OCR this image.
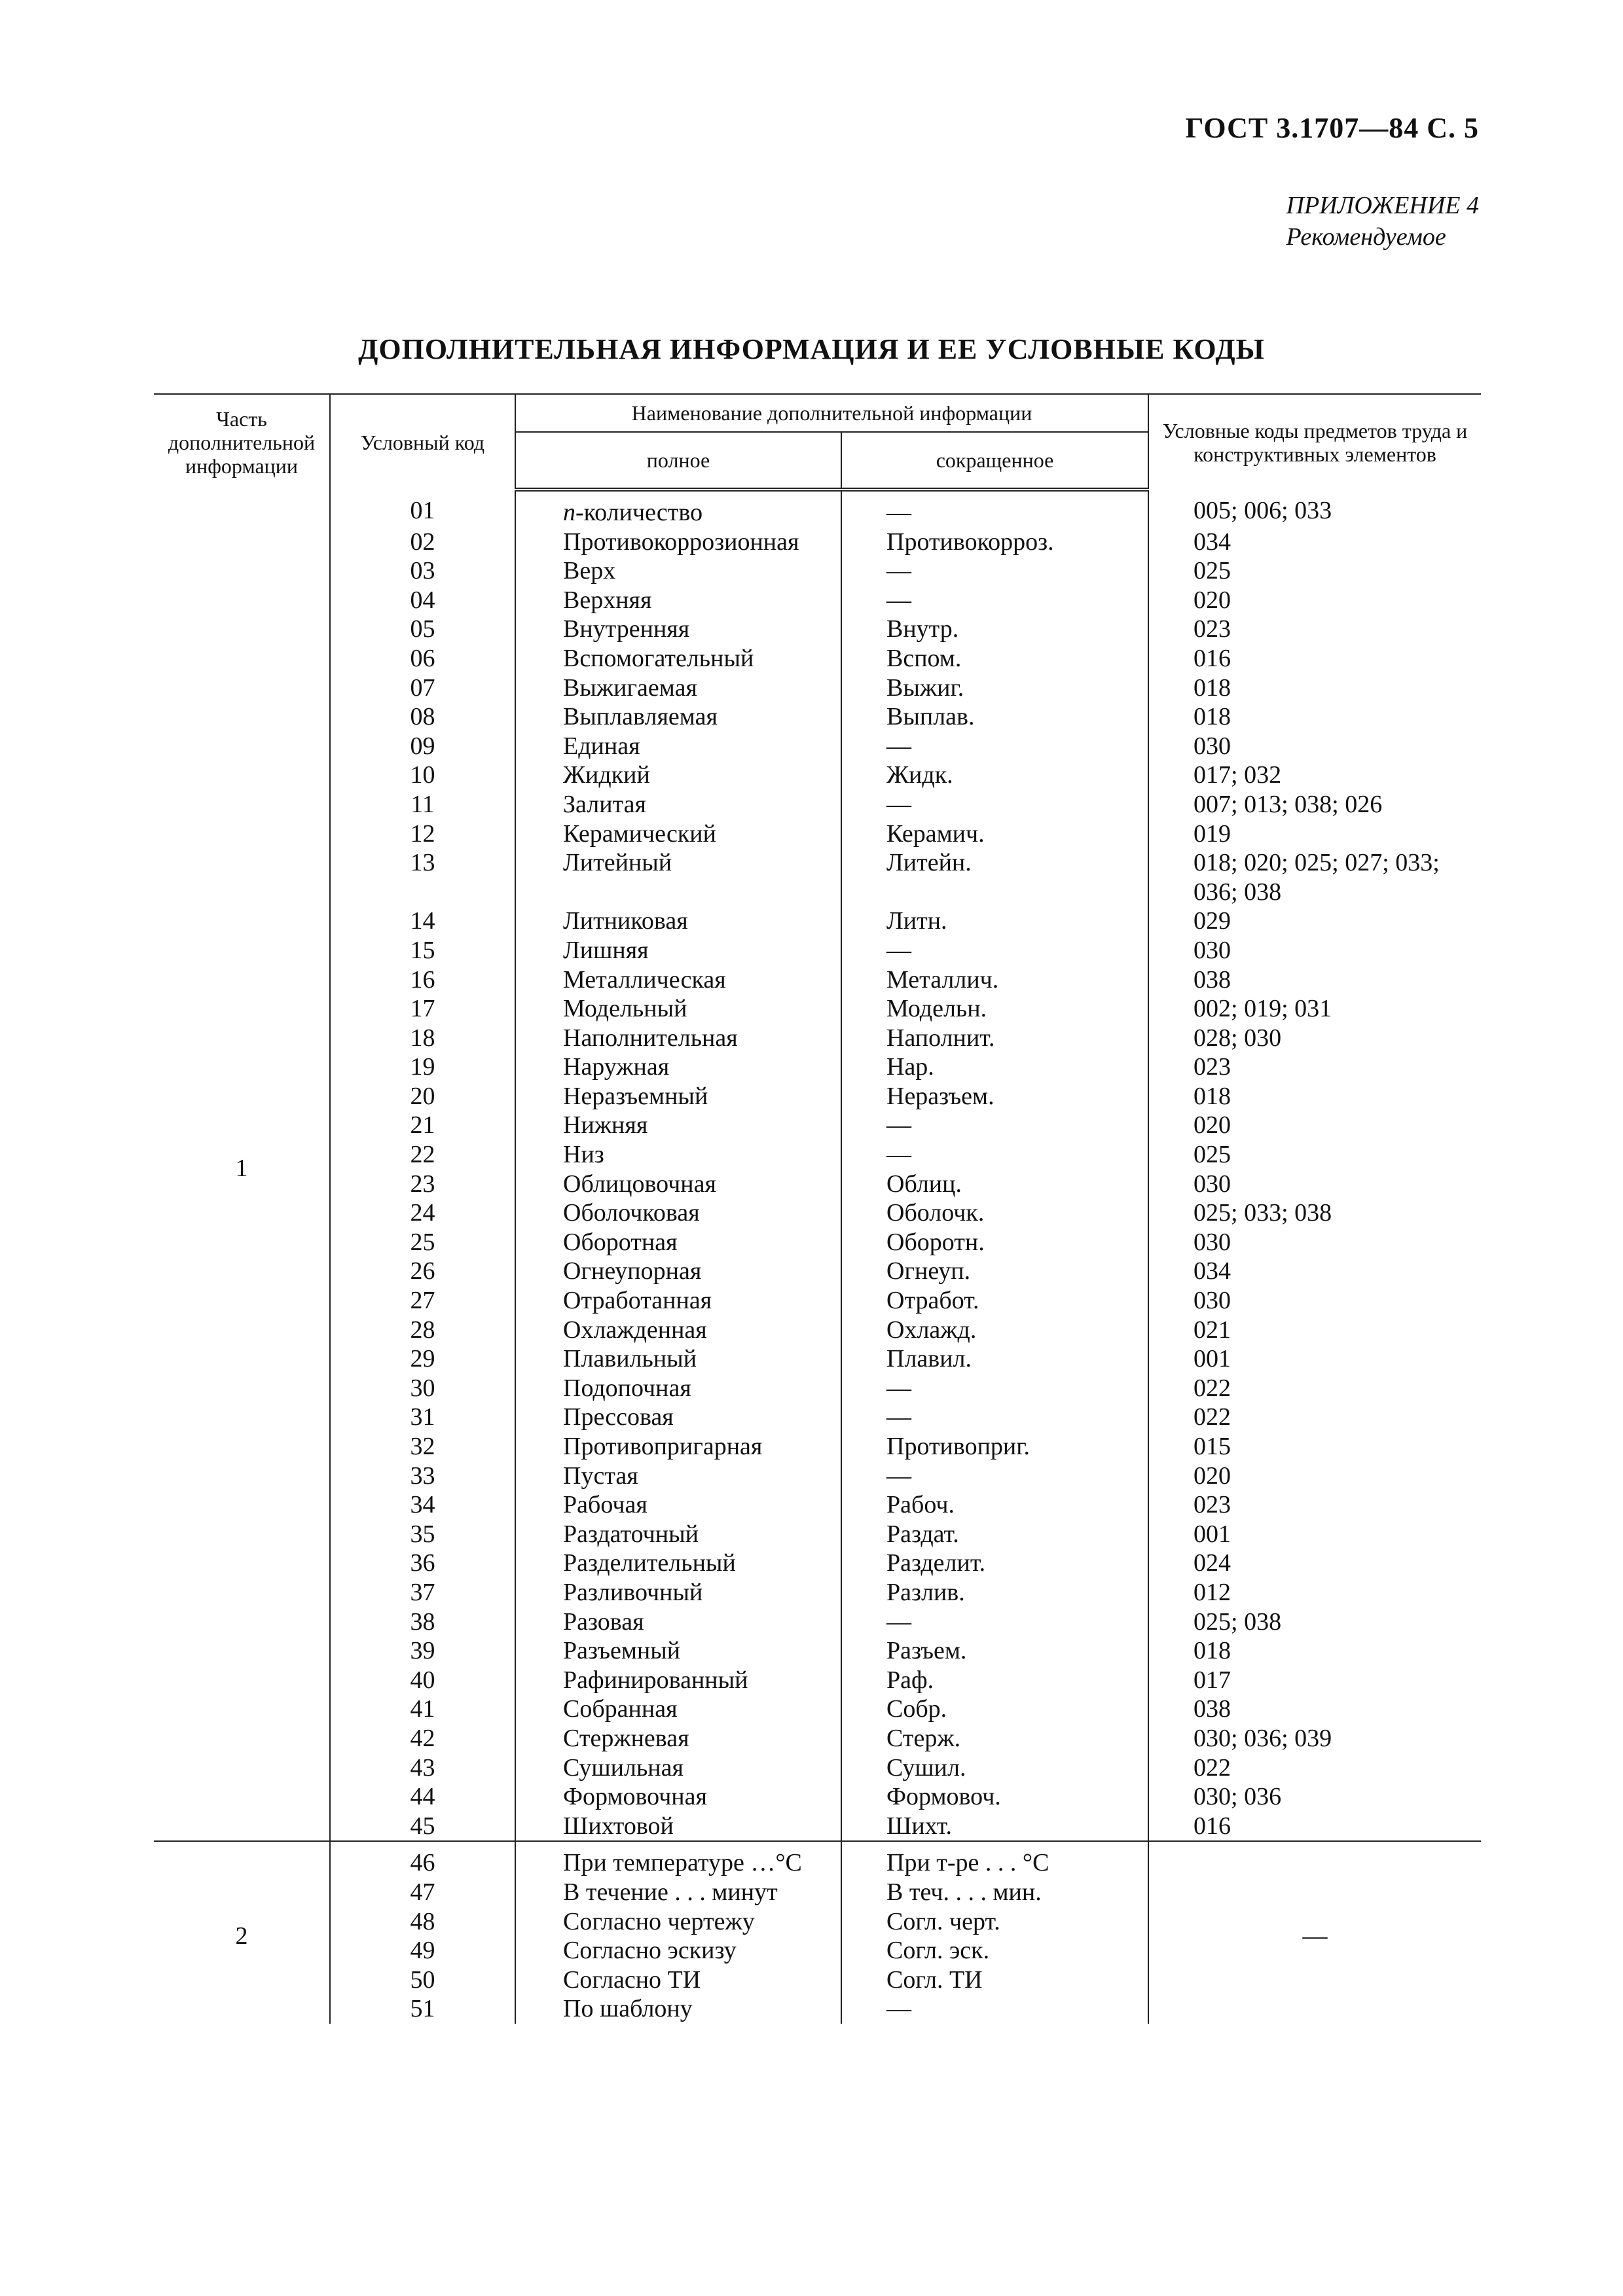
ГОСТ 3.1707—84 С. 5
ПРИЛОЖЕНИЕ 4
Рекомендуемое
ДОПОЛНИТЕЛЬНАЯ ИНФОРМАЦИЯ И ЕЕ УСЛОВНЫЕ КОДЫ
Часть дополнительной информации	Условный код	Наименование дополнительной информации		Условные коды предметов труда и конструктивных элементов
		полное	сокращенное	
1	01	n-количество	—	005; 006; 033
	02	Противокоррозионная	Противокорроз.	034
	03	Верх	—	025
	04	Верхняя	—	020
	05	Внутренняя	Внутр.	023
	06	Вспомогательный	Вспом.	016
	07	Выжигаемая	Выжиг.	018
	08	Выплавляемая	Выплав.	018
	09	Единая	—	030
	10	Жидкий	Жидк.	017; 032
	11	Залитая	—	007; 013; 038; 026
	12	Керамический	Керамич.	019
	13	Литейный	Литейн.	018; 020; 025; 027; 033;
036; 038

	14	Литниковая	Литн.	029
	15	Лишняя	—	030
	16	Металлическая	Металлич.	038
	17	Модельный	Модельн.	002; 019; 031
	18	Наполнительная	Наполнит.	028; 030
	19	Наружная	Нар.	023
	20	Неразъемный	Неразъем.	018
	21	Нижняя	—	020
	22	Низ	—	025
	23	Облицовочная	Облиц.	030
	24	Оболочковая	Оболочк.	025; 033; 038
	25	Оборотная	Оборотн.	030
	26	Огнеупорная	Огнеуп.	034
	27	Отработанная	Отработ.	030
	28	Охлажденная	Охлажд.	021
	29	Плавильный	Плавил.	001
	30	Подопочная	—	022
	31	Прессовая	—	022
	32	Противопригарная	Противоприг.	015
	33	Пустая	—	020
	34	Рабочая	Рабоч.	023
	35	Раздаточный	Раздат.	001
	36	Разделительный	Разделит.	024
	37	Разливочный	Разлив.	012
	38	Разовая	—	025; 038
	39	Разъемный	Разъем.	018
	40	Рафинированный	Раф.	017
	41	Собранная	Собр.	038
	42	Стержневая	Стерж.	030; 036; 039
	43	Сушильная	Сушил.	022
	44	Формовочная	Формовоч.	030; 036
	45	Шихтовой	Шихт.	016
2	46	При температуре …°C	При т-ре . . . °C	—
	47	В течение . . . минут	В теч. . . . мин.	
	48	Согласно чертежу	Согл. черт.	
	49	Согласно эскизу	Согл. эск.	
	50	Согласно ТИ	Согл. ТИ	
	51	По шаблону	—	
